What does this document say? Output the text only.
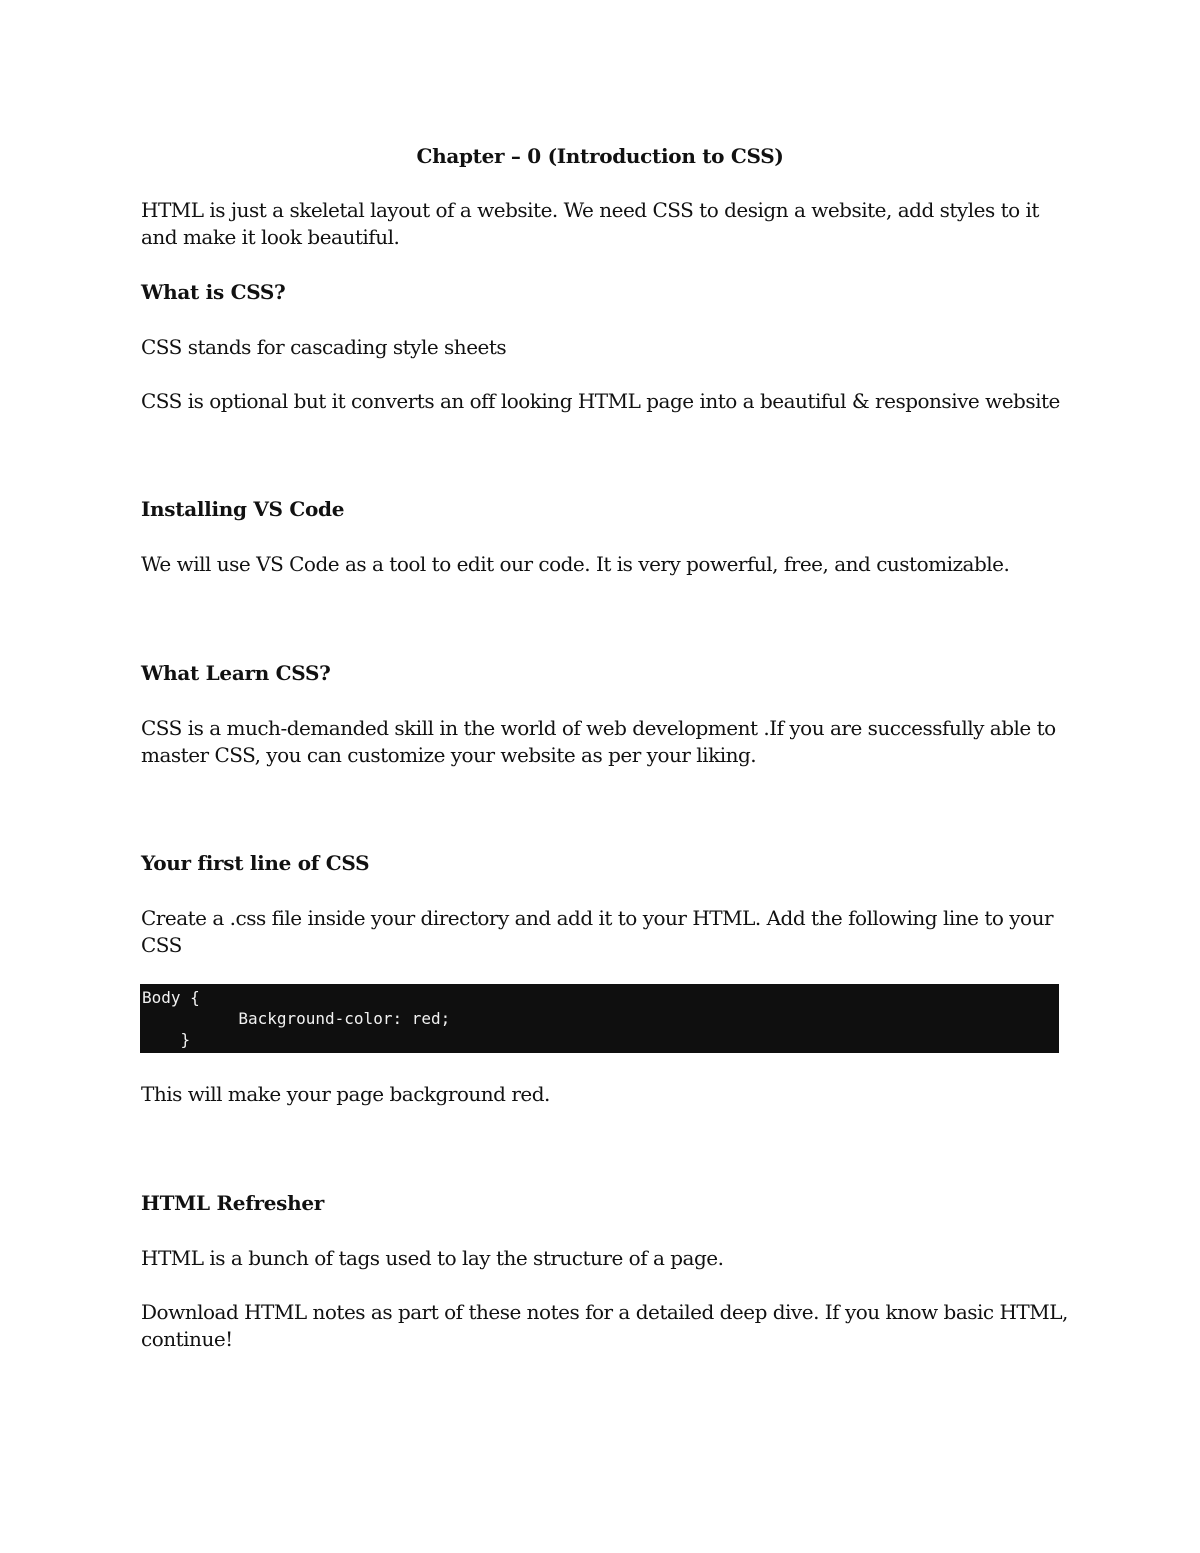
Chapter – 0 (Introduction to CSS)
HTML is just a skeletal layout of a website. We need CSS to design a website, add styles to it and make it look beautiful.
What is CSS?
CSS stands for cascading style sheets
CSS is optional but it converts an off looking HTML page into a beautiful & responsive website
Installing VS Code
We will use VS Code as a tool to edit our code. It is very powerful, free, and customizable.
What Learn CSS?
CSS is a much-demanded skill in the world of web development .If you are successfully able to master CSS, you can customize your website as per your liking.
Your first line of CSS
Create a .css file inside your directory and add it to your HTML. Add the following line to your CSS
Body {
Background-color: red;
}
This will make your page background red.
HTML Refresher
HTML is a bunch of tags used to lay the structure of a page.
Download HTML notes as part of these notes for a detailed deep dive. If you know basic HTML, continue!
